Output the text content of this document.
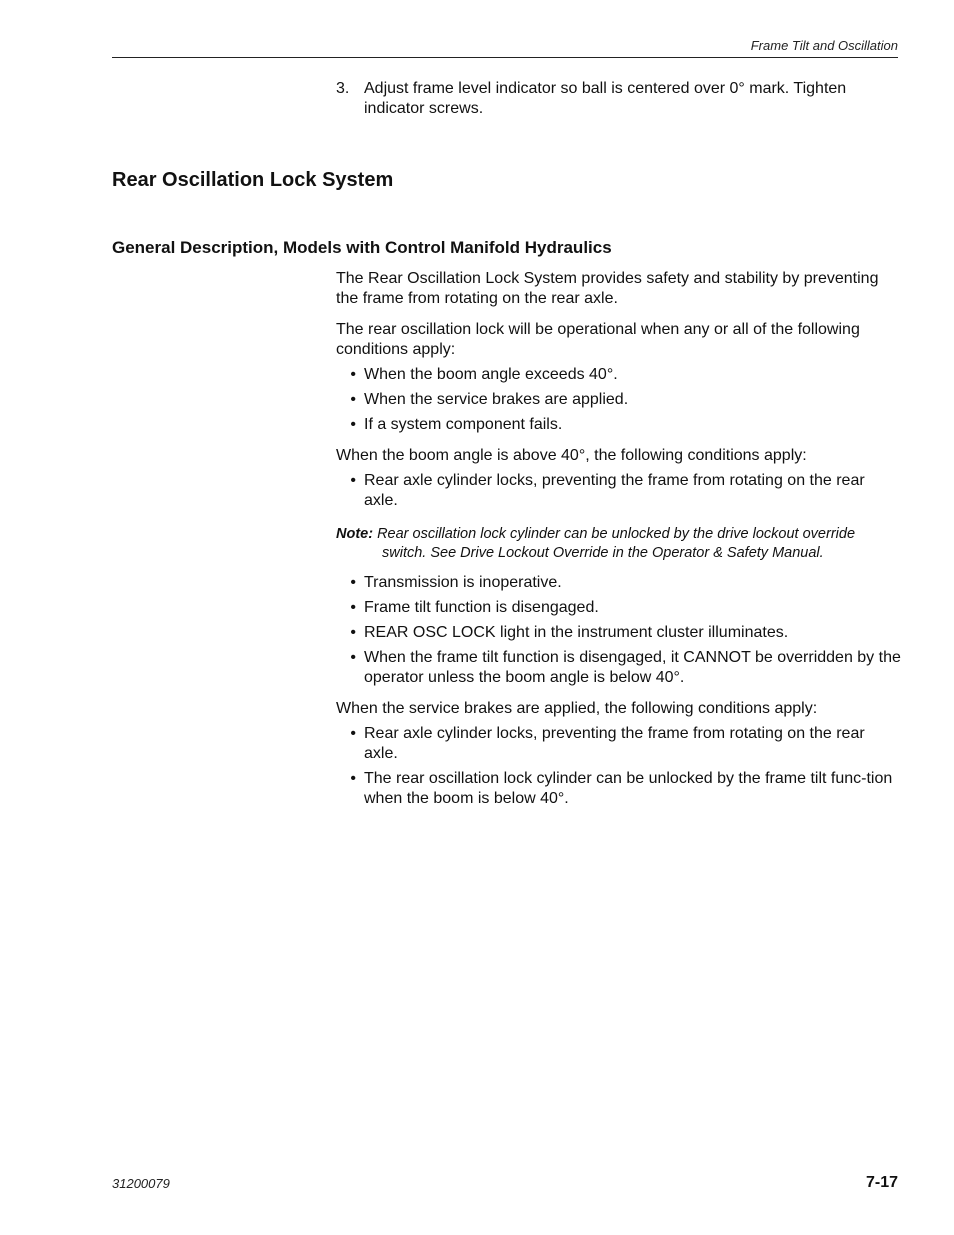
Frame Tilt and Oscillation
3. Adjust frame level indicator so ball is centered over 0° mark. Tighten indicator screws.
Rear Oscillation Lock System
General Description, Models with Control Manifold Hydraulics

The Rear Oscillation Lock System provides safety and stability by preventing the frame from rotating on the rear axle.

The rear oscillation lock will be operational when any or all of the following conditions apply:

• When the boom angle exceeds 40°.
• When the service brakes are applied.
• If a system component fails.

When the boom angle is above 40°, the following conditions apply:

• Rear axle cylinder locks, preventing the frame from rotating on the rear axle.
Note: Rear oscillation lock cylinder can be unlocked by the drive lockout override switch. See Drive Lockout Override in the Operator & Safety Manual.
• Transmission is inoperative.
• Frame tilt function is disengaged.
• REAR OSC LOCK light in the instrument cluster illuminates.
• When the frame tilt function is disengaged, it CANNOT be overridden by the operator unless the boom angle is below 40°.

When the service brakes are applied, the following conditions apply:

• Rear axle cylinder locks, preventing the frame from rotating on the rear axle.
• The rear oscillation lock cylinder can be unlocked by the frame tilt func-tion when the boom is below 40°.
31200079	7-17
